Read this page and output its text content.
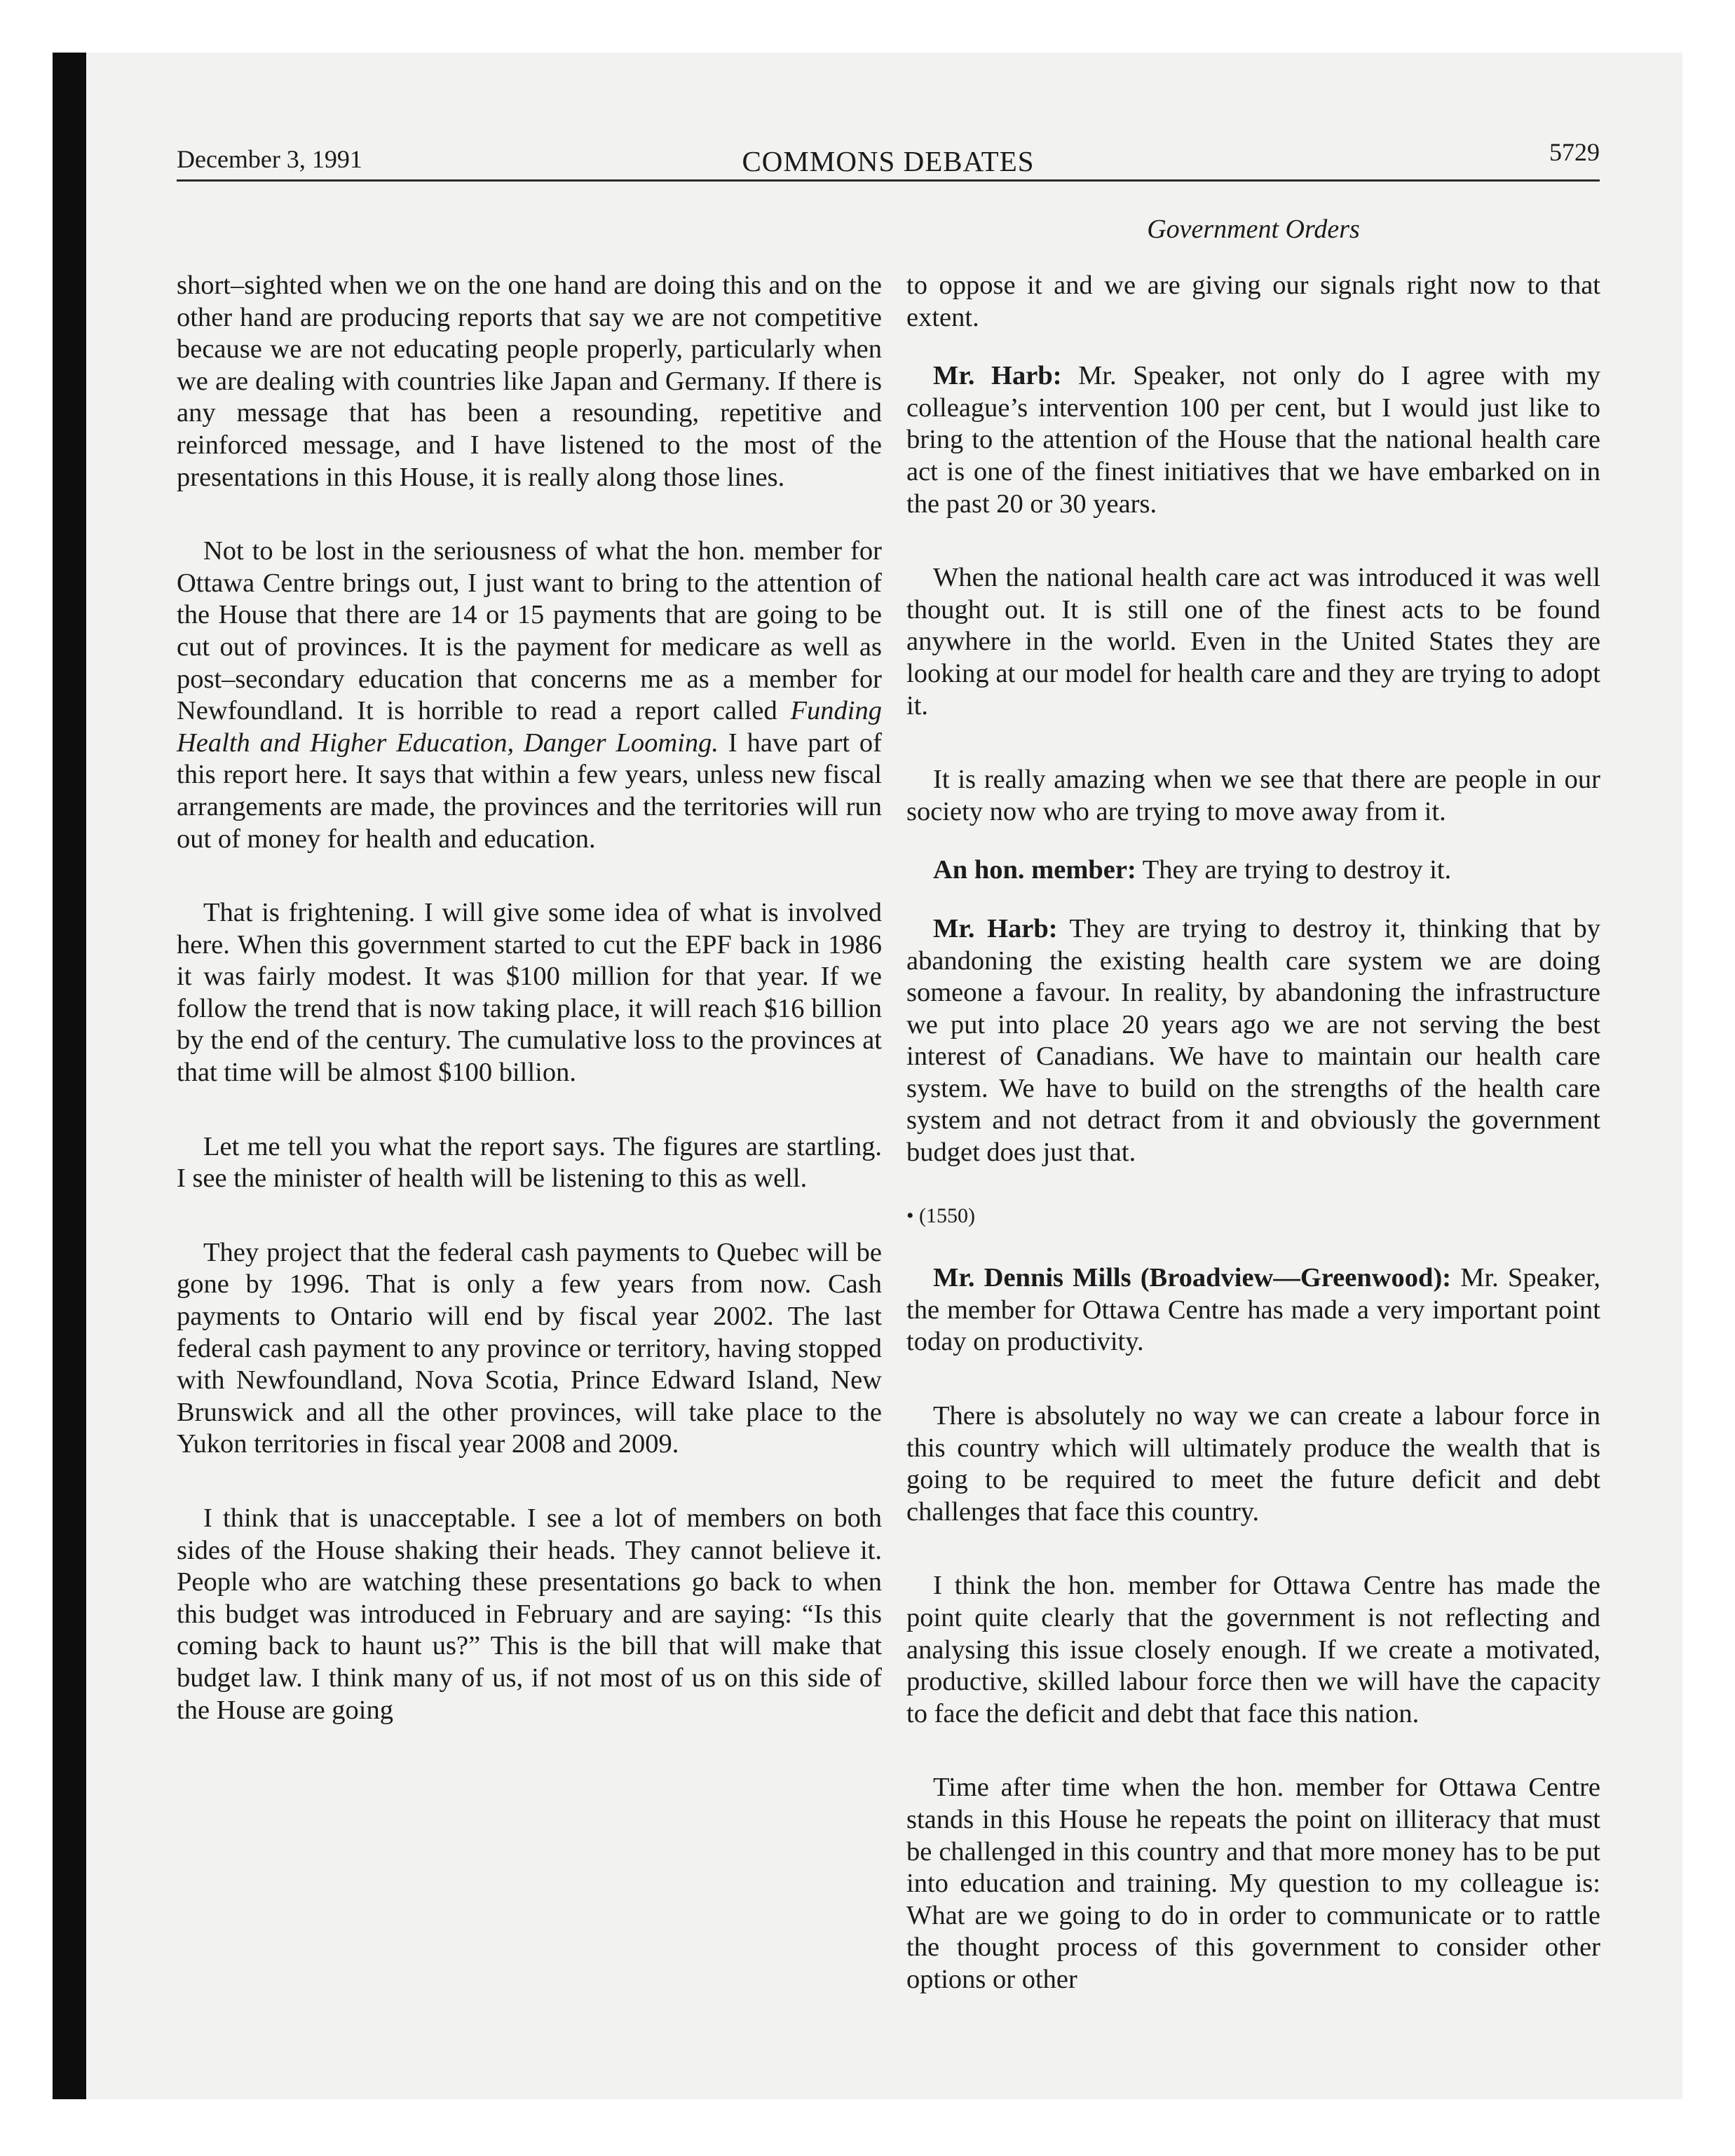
December 3, 1991	COMMONS DEBATES	5729
Government Orders

short–sighted when we on the one hand are doing this and on the other hand are producing reports that say we are not competitive because we are not educating people properly, particularly when we are dealing with countries like Japan and Germany. If there is any message that has been a resounding, repetitive and reinforced message, and I have listened to the most of the presentations in this House, it is really along those lines.

Not to be lost in the seriousness of what the hon. member for Ottawa Centre brings out, I just want to bring to the attention of the House that there are 14 or 15 payments that are going to be cut out of provinces. It is the payment for medicare as well as post–secondary education that concerns me as a member for Newfoundland. It is horrible to read a report called Funding Health and Higher Education, Danger Looming. I have part of this report here. It says that within a few years, unless new fiscal arrangements are made, the provinces and the territories will run out of money for health and education.

That is frightening. I will give some idea of what is involved here. When this government started to cut the EPF back in 1986 it was fairly modest. It was $100 million for that year. If we follow the trend that is now taking place, it will reach $16 billion by the end of the century. The cumulative loss to the provinces at that time will be almost $100 billion.

Let me tell you what the report says. The figures are startling. I see the minister of health will be listening to this as well.

They project that the federal cash payments to Quebec will be gone by 1996. That is only a few years from now. Cash payments to Ontario will end by fiscal year 2002. The last federal cash payment to any province or territory, having stopped with Newfoundland, Nova Scotia, Prince Edward Island, New Brunswick and all the other provinces, will take place to the Yukon territories in fiscal year 2008 and 2009.

I think that is unacceptable. I see a lot of members on both sides of the House shaking their heads. They cannot believe it. People who are watching these presentations go back to when this budget was introduced in February and are saying: “Is this coming back to haunt us?” This is the bill that will make that budget law. I think many of us, if not most of us on this side of the House are going

to oppose it and we are giving our signals right now to that extent.

Mr. Harb: Mr. Speaker, not only do I agree with my colleague’s intervention 100 per cent, but I would just like to bring to the attention of the House that the national health care act is one of the finest initiatives that we have embarked on in the past 20 or 30 years.

When the national health care act was introduced it was well thought out. It is still one of the finest acts to be found anywhere in the world. Even in the United States they are looking at our model for health care and they are trying to adopt it.

It is really amazing when we see that there are people in our society now who are trying to move away from it.

An hon. member: They are trying to destroy it.

Mr. Harb: They are trying to destroy it, thinking that by abandoning the existing health care system we are doing someone a favour. In reality, by abandoning the infrastructure we put into place 20 years ago we are not serving the best interest of Canadians. We have to maintain our health care system. We have to build on the strengths of the health care system and not detract from it and obviously the government budget does just that.

• (1550)

Mr. Dennis Mills (Broadview—Greenwood): Mr. Speaker, the member for Ottawa Centre has made a very important point today on productivity.

There is absolutely no way we can create a labour force in this country which will ultimately produce the wealth that is going to be required to meet the future deficit and debt challenges that face this country.

I think the hon. member for Ottawa Centre has made the point quite clearly that the government is not reflecting and analysing this issue closely enough. If we create a motivated, productive, skilled labour force then we will have the capacity to face the deficit and debt that face this nation.

Time after time when the hon. member for Ottawa Centre stands in this House he repeats the point on illiteracy that must be challenged in this country and that more money has to be put into education and training. My question to my colleague is: What are we going to do in order to communicate or to rattle the thought process of this government to consider other options or other
